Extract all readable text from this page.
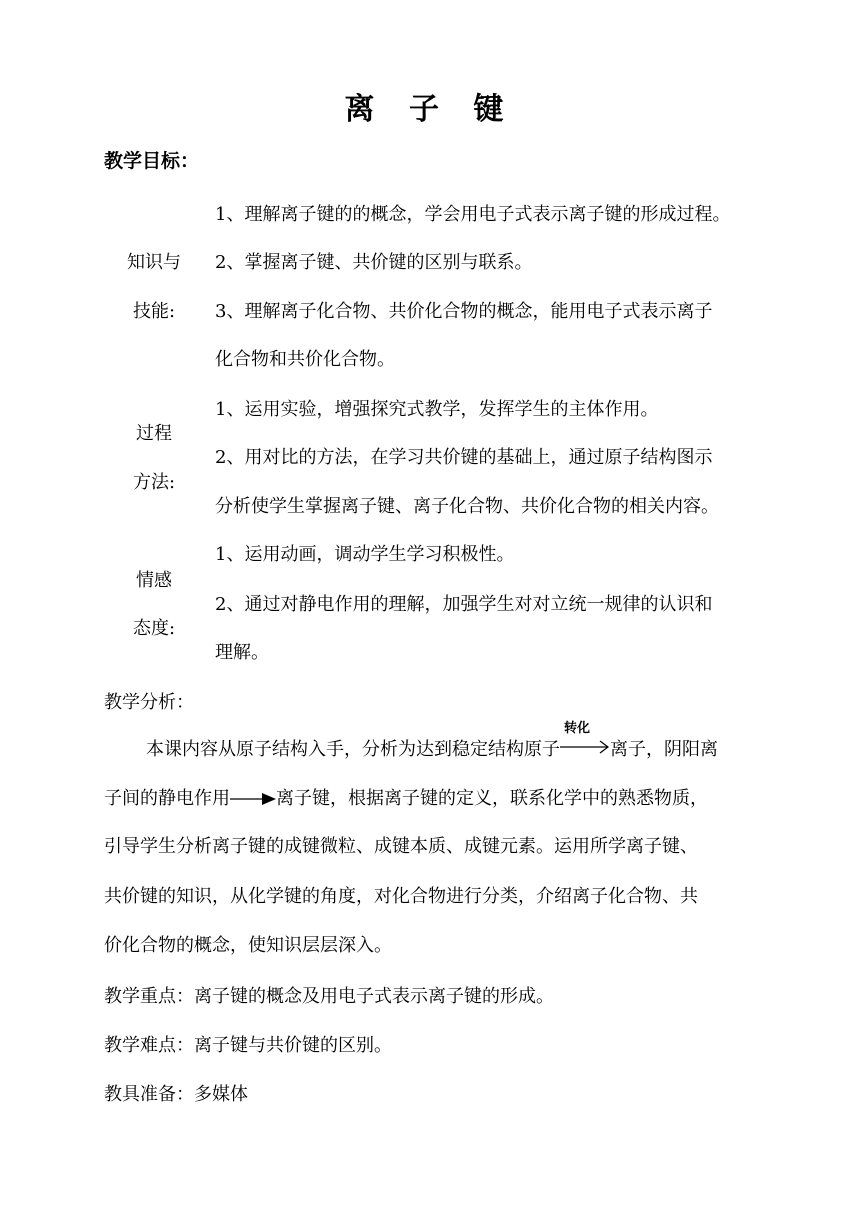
离 子 键
教学目标：
知识与
技能:
1、理解离子键的的概念，学会用电子式表示离子键的形成过程。
2、掌握离子键、共价键的区别与联系。
3、理解离子化合物、共价化合物的概念，能用电子式表示离子
化合物和共价化合物。
过程
方法:
1、运用实验，增强探究式教学，发挥学生的主体作用。
2、用对比的方法，在学习共价键的基础上，通过原子结构图示
分析使学生掌握离子键、离子化合物、共价化合物的相关内容。
情感
态度:
1、运用动画，调动学生学习积极性。
2、通过对静电作用的理解，加强学生对对立统一规律的认识和
理解。
教学分析：
本课内容从原子结构入手，分析为达到稳定结构原子
转化
离子，阴阳离
子间的静电作用	离子键，根据离子键的定义，联系化学中的熟悉物质，
引导学生分析离子键的成键微粒、成键本质、成键元素。运用所学离子键、
共价键的知识，从化学键的角度，对化合物进行分类，介绍离子化合物、共
价化合物的概念，使知识层层深入。
教学重点：离子键的概念及用电子式表示离子键的形成。
教学难点：离子键与共价键的区别。
教具准备：多媒体
